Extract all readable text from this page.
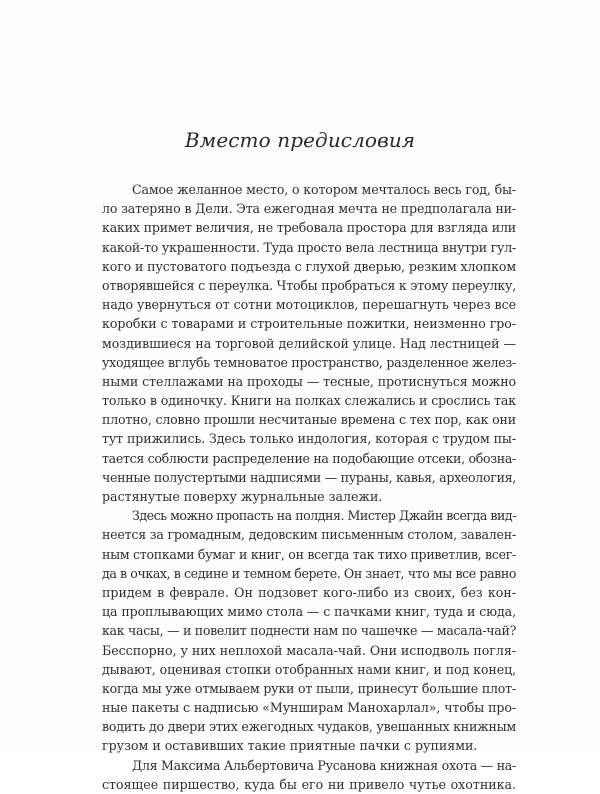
Вместо предисловия
Самое желанное место, о котором мечталось весь год, бы-
ло затеряно в Дели. Эта ежегодная мечта не предполагала ни-
каких примет величия, не требовала простора для взгляда или
какой-то украшенности. Туда просто вела лестница внутри гул-
кого и пустоватого подъезда с глухой дверью, резким хлопком
отворявшейся с переулка. Чтобы пробраться к этому переулку,
надо увернуться от сотни мотоциклов, перешагнуть через все
коробки с товарами и строительные пожитки, неизменно гро-
моздившиеся на торговой делийской улице. Над лестницей —
уходящее вглубь темноватое пространство, разделенное желез-
ными стеллажами на проходы — тесные, протиснуться можно
только в одиночку. Книги на полках слежались и срослись так
плотно, словно прошли несчитаные времена с тех пор, как они
тут прижились. Здесь только индология, которая с трудом пы-
тается соблюсти распределение на подобающие отсеки, обозна-
ченные полустертыми надписями — пураны, кавья, археология,
растянутые поверху журнальные залежи.
Здесь можно пропасть на полдня. Мистер Джайн всегда вид-
неется за громадным, дедовским письменным столом, завален-
ным стопками бумаг и книг, он всегда так тихо приветлив, всег-
да в очках, в седине и темном берете. Он знает, что мы все равно
придем в феврале. Он подзовет кого-либо из своих, без кон-
ца проплывающих мимо стола — с пачками книг, туда и сюда,
как часы, — и повелит поднести нам по чашечке — масала-чай?
Бесспорно, у них неплохой масала-чай. Они исподволь погля-
дывают, оценивая стопки отобранных нами книг, и под конец,
когда мы уже отмываем руки от пыли, принесут большие плот-
ные пакеты с надписью «Мунширам Манохарлал», чтобы про-
водить до двери этих ежегодных чудаков, увешанных книжным
грузом и оставивших такие приятные пачки с рупиями.
Для Максима Альбертовича Русанова книжная охота — на-
стоящее пиршество, куда бы его ни привело чутье охотника.
